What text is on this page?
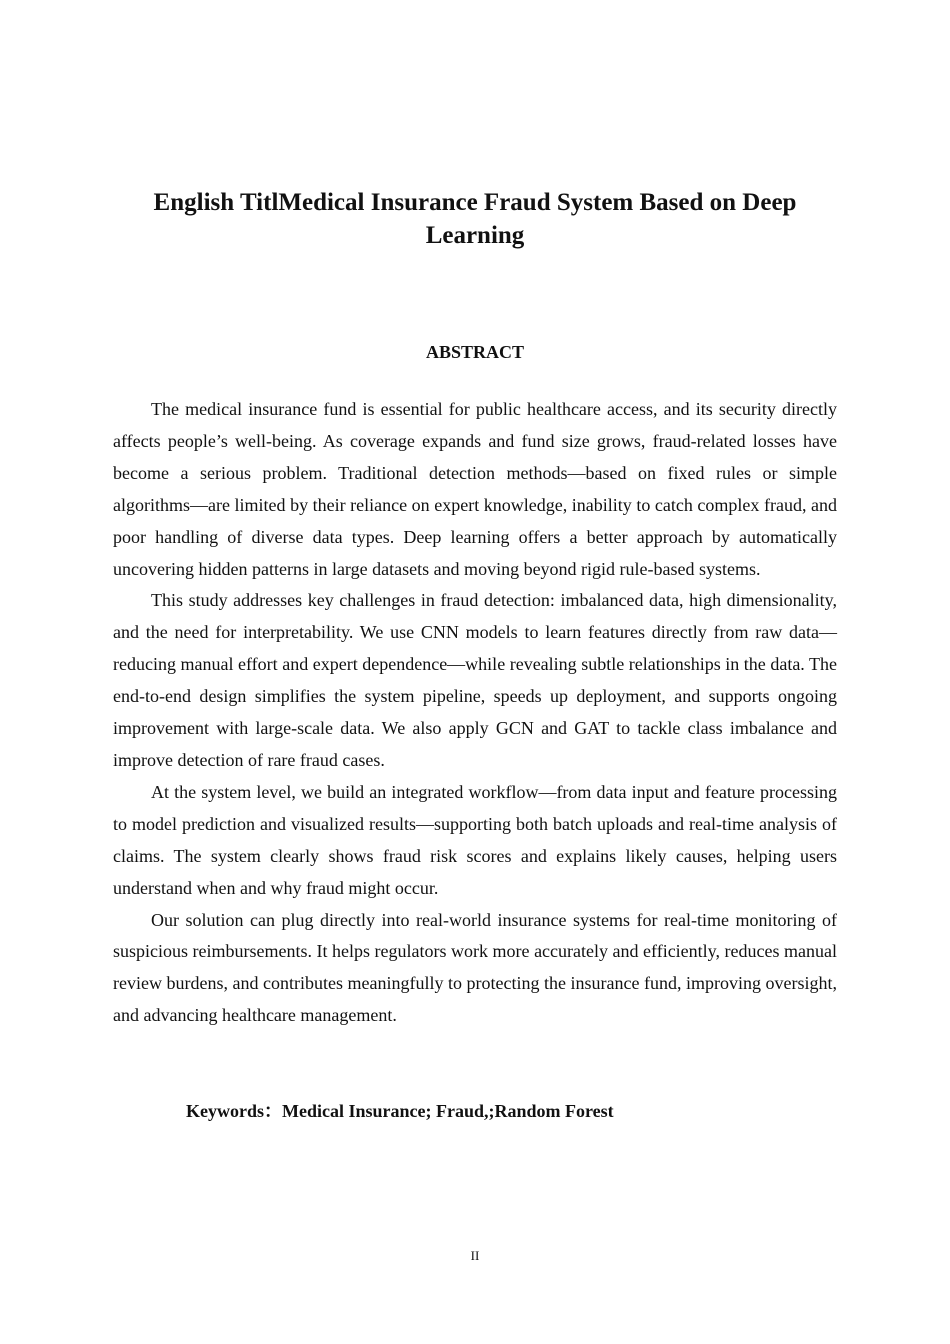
English TitlMedical Insurance Fraud System Based on Deep Learning
ABSTRACT

The medical insurance fund is essential for public healthcare access, and its security directly affects people’s well-being. As coverage expands and fund size grows, fraud-related losses have become a serious problem. Traditional detection methods—based on fixed rules or simple algorithms—are limited by their reliance on expert knowledge, inability to catch complex fraud, and poor handling of diverse data types. Deep learning offers a better approach by automatically uncovering hidden patterns in large datasets and moving beyond rigid rule-based systems.

This study addresses key challenges in fraud detection: imbalanced data, high dimensionality, and the need for interpretability. We use CNN models to learn features directly from raw data—reducing manual effort and expert dependence—while revealing subtle relationships in the data. The end-to-end design simplifies the system pipeline, speeds up deployment, and supports ongoing improvement with large-scale data. We also apply GCN and GAT to tackle class imbalance and improve detection of rare fraud cases.

At the system level, we build an integrated workflow—from data input and feature processing to model prediction and visualized results—supporting both batch uploads and real-time analysis of claims. The system clearly shows fraud risk scores and explains likely causes, helping users understand when and why fraud might occur.

Our solution can plug directly into real-world insurance systems for real-time monitoring of suspicious reimbursements. It helps regulators work more accurately and efficiently, reduces manual review burdens, and contributes meaningfully to protecting the insurance fund, improving oversight, and advancing healthcare management.

Keywords：Medical Insurance; Fraud,;Random Forest
II
